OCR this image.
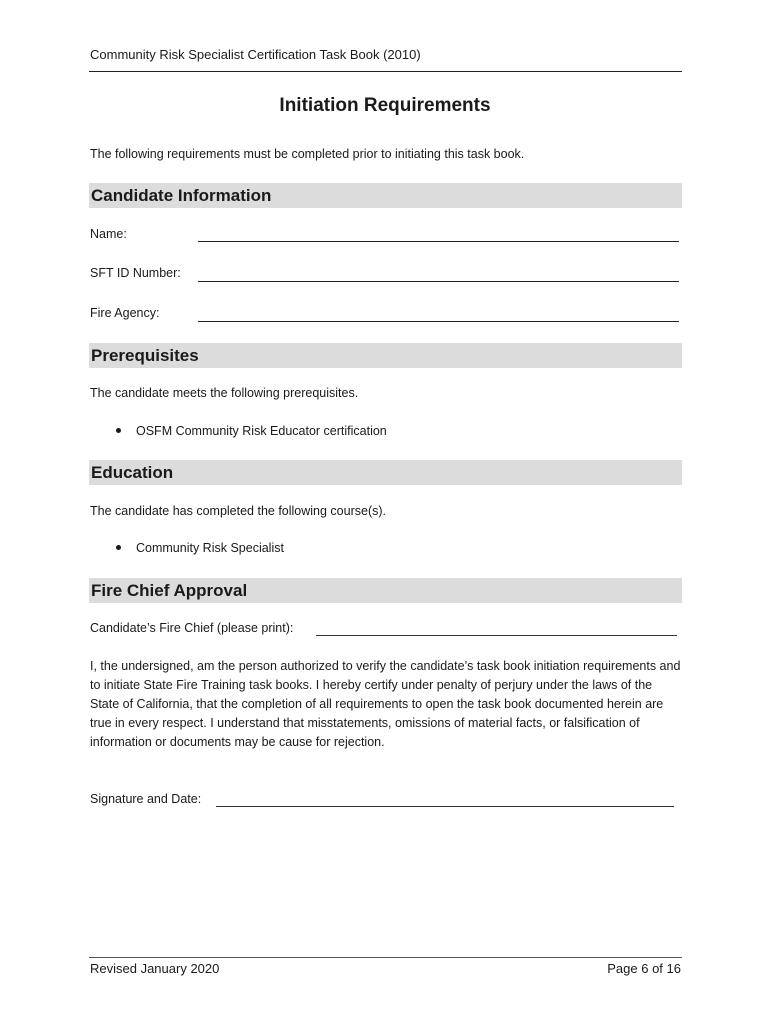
Community Risk Specialist Certification Task Book (2010)
Initiation Requirements
The following requirements must be completed prior to initiating this task book.
Candidate Information
Name:
SFT ID Number:
Fire Agency:
Prerequisites
The candidate meets the following prerequisites.
OSFM Community Risk Educator certification
Education
The candidate has completed the following course(s).
Community Risk Specialist
Fire Chief Approval
Candidate’s Fire Chief (please print):
I, the undersigned, am the person authorized to verify the candidate’s task book initiation requirements and to initiate State Fire Training task books. I hereby certify under penalty of perjury under the laws of the State of California, that the completion of all requirements to open the task book documented herein are true in every respect. I understand that misstatements, omissions of material facts, or falsification of information or documents may be cause for rejection.
Signature and Date:
Revised January 2020	Page 6 of 16
